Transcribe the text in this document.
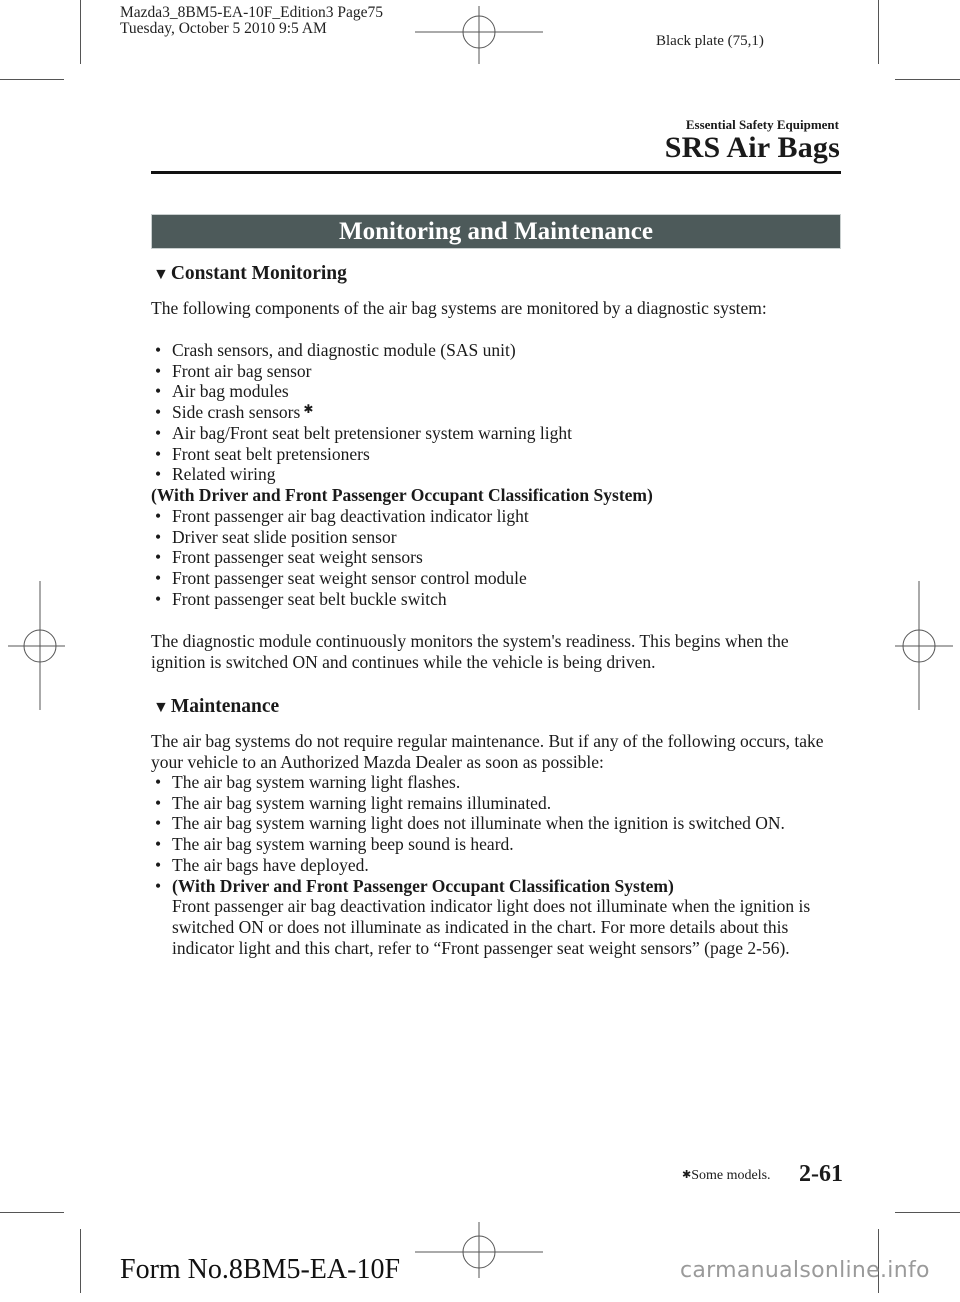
Mazda3_8BM5-EA-10F_Edition3 Page75
Tuesday, October 5 2010 9:5 AM
Black plate (75,1)
Essential Safety Equipment
SRS Air Bags
Monitoring and Maintenance
▼ Constant Monitoring
The following components of the air bag systems are monitored by a diagnostic system:
• Crash sensors, and diagnostic module (SAS unit)
• Front air bag sensor
• Air bag modules
• Side crash sensors ✱
• Air bag/Front seat belt pretensioner system warning light
• Front seat belt pretensioners
• Related wiring
(With Driver and Front Passenger Occupant Classification System)
• Front passenger air bag deactivation indicator light
• Driver seat slide position sensor
• Front passenger seat weight sensors
• Front passenger seat weight sensor control module
• Front passenger seat belt buckle switch
The diagnostic module continuously monitors the system's readiness. This begins when the ignition is switched ON and continues while the vehicle is being driven.
▼ Maintenance
The air bag systems do not require regular maintenance. But if any of the following occurs, take your vehicle to an Authorized Mazda Dealer as soon as possible:
• The air bag system warning light flashes.
• The air bag system warning light remains illuminated.
• The air bag system warning light does not illuminate when the ignition is switched ON.
• The air bag system warning beep sound is heard.
• The air bags have deployed.
• (With Driver and Front Passenger Occupant Classification System)
Front passenger air bag deactivation indicator light does not illuminate when the ignition is switched ON or does not illuminate as indicated in the chart. For more details about this indicator light and this chart, refer to “Front passenger seat weight sensors” (page 2-56).
✱Some models. 2-61
Form No.8BM5-EA-10F	carmanualsonline.info
